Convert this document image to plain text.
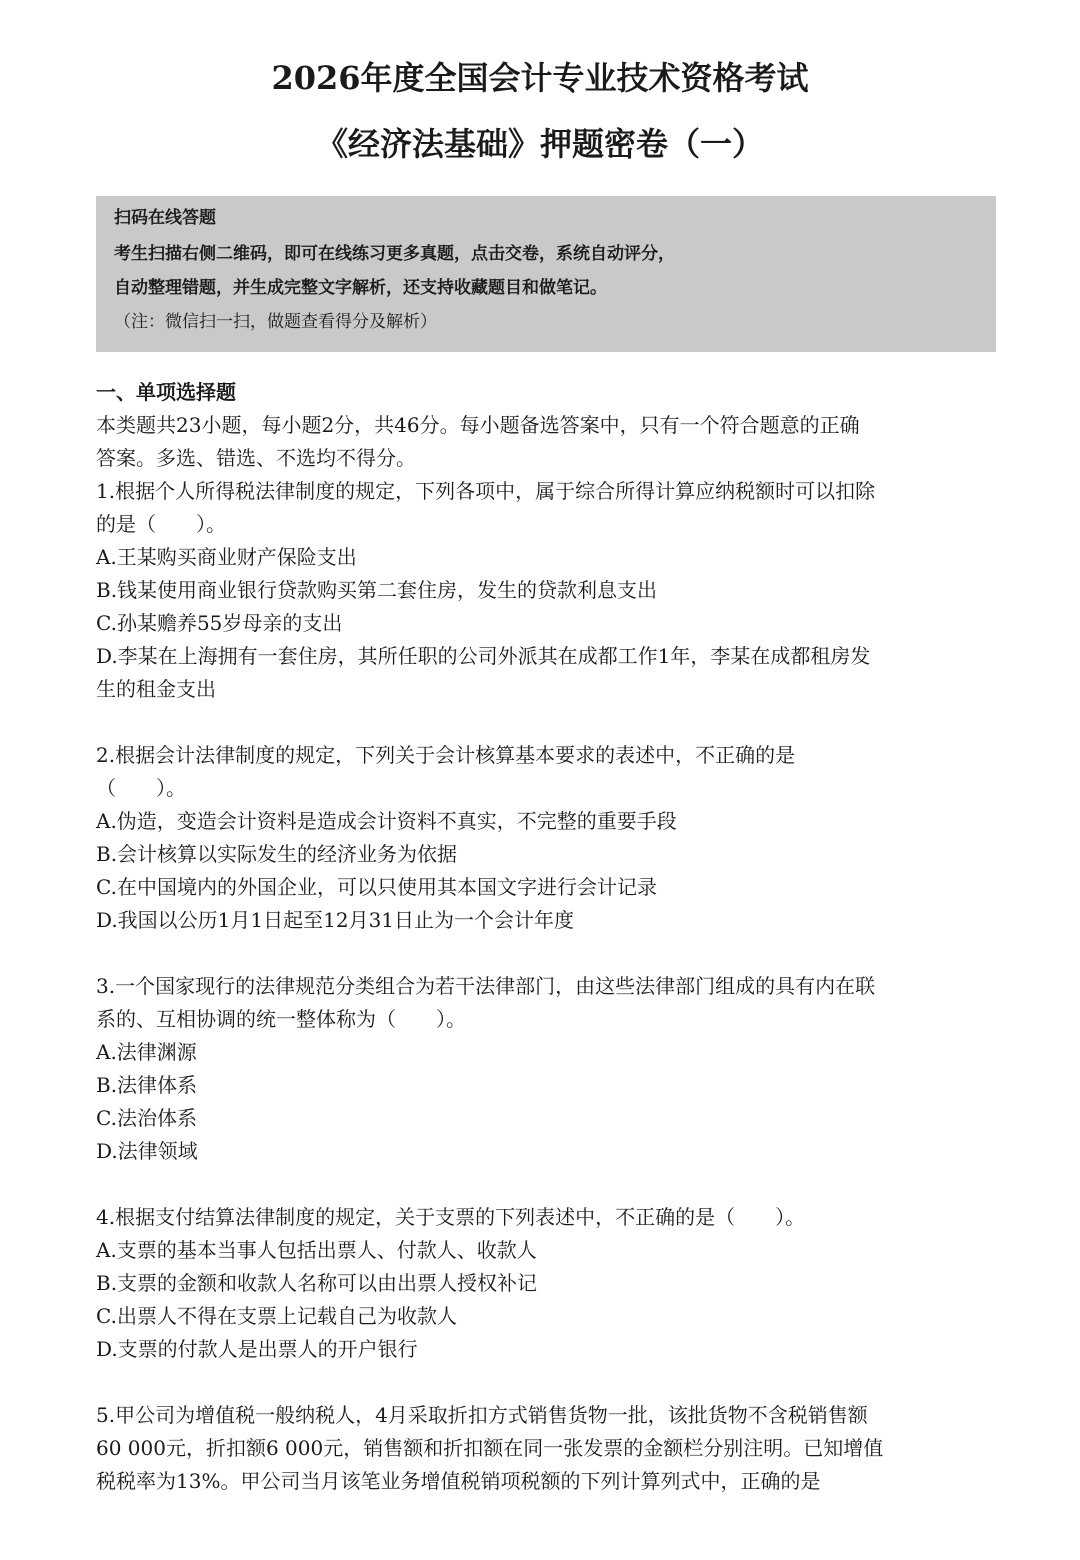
2026年度全国会计专业技术资格考试
《经济法基础》押题密卷（一）
扫码在线答题
考生扫描右侧二维码，即可在线练习更多真题，点击交卷，系统自动评分，
自动整理错题，并生成完整文字解析，还支持收藏题目和做笔记。
（注：微信扫一扫，做题查看得分及解析）

一、单项选择题

本类题共23小题，每小题2分，共46分。每小题备选答案中，只有一个符合题意的正确

答案。多选、错选、不选均不得分。

1.根据个人所得税法律制度的规定，下列各项中，属于综合所得计算应纳税额时可以扣除

的是（　　）。

A.王某购买商业财产保险支出

B.钱某使用商业银行贷款购买第二套住房，发生的贷款利息支出

C.孙某赡养55岁母亲的支出

D.李某在上海拥有一套住房，其所任职的公司外派其在成都工作1年，李某在成都租房发

生的租金支出

2.根据会计法律制度的规定，下列关于会计核算基本要求的表述中，不正确的是

（　　）。

A.伪造，变造会计资料是造成会计资料不真实，不完整的重要手段

B.会计核算以实际发生的经济业务为依据

C.在中国境内的外国企业，可以只使用其本国文字进行会计记录

D.我国以公历1月1日起至12月31日止为一个会计年度

3.一个国家现行的法律规范分类组合为若干法律部门，由这些法律部门组成的具有内在联

系的、互相协调的统一整体称为（　　）。

A.法律渊源

B.法律体系

C.法治体系

D.法律领域

4.根据支付结算法律制度的规定，关于支票的下列表述中，不正确的是（　　）。

A.支票的基本当事人包括出票人、付款人、收款人

B.支票的金额和收款人名称可以由出票人授权补记

C.出票人不得在支票上记载自己为收款人

D.支票的付款人是出票人的开户银行

5.甲公司为增值税一般纳税人，4月采取折扣方式销售货物一批，该批货物不含税销售额

60 000元，折扣额6 000元，销售额和折扣额在同一张发票的金额栏分别注明。已知增值

税税率为13%。甲公司当月该笔业务增值税销项税额的下列计算列式中，正确的是
